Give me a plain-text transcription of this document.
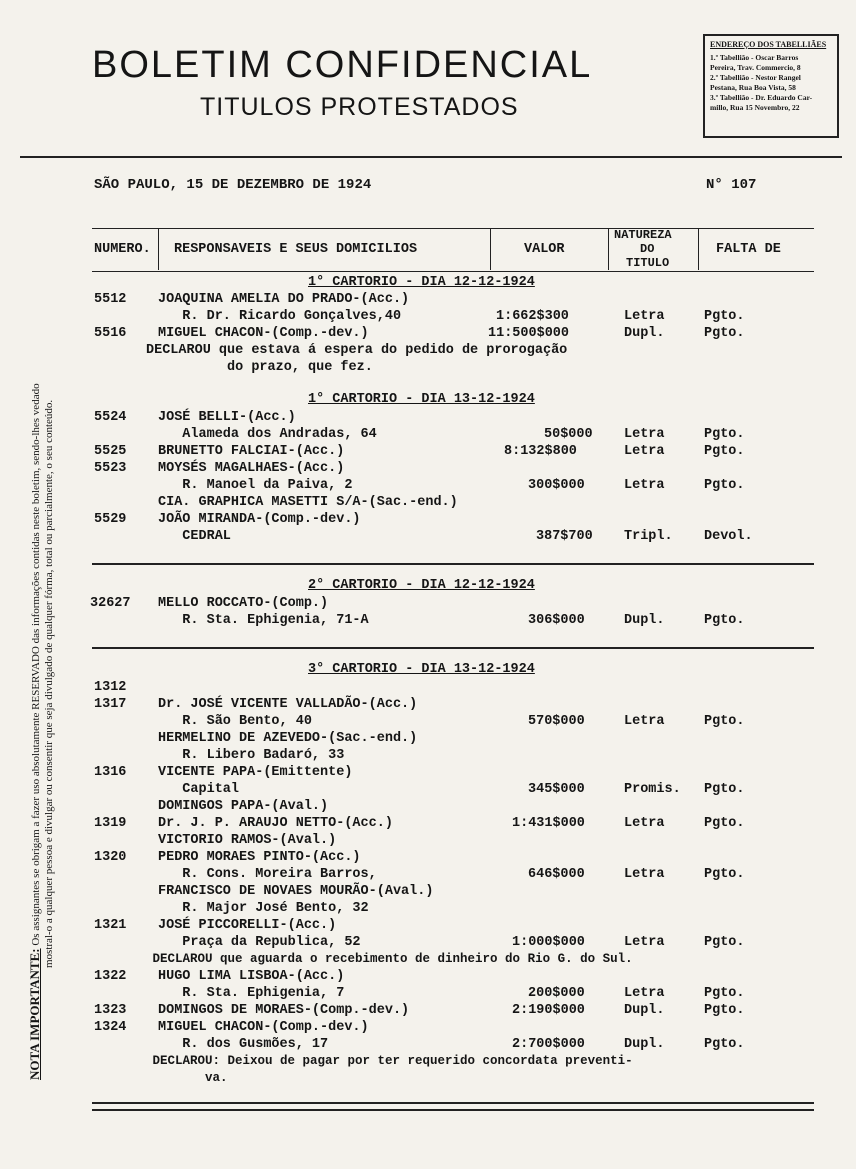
BOLETIM CONFIDENCIAL
TITULOS PROTESTADOS
ENDEREÇO DOS TABELLIÃES
1.º Tabellião - Oscar Barros
Pereira, Trav. Commercio, 8
2.º Tabellião - Nestor Rangel
Pestana, Rua Boa Vista, 58
3.º Tabellião - Dr. Eduardo Car-
millo, Rua 15 Novembro, 22
SÃO PAULO, 15 DE DEZEMBRO DE 1924	N° 107
NUMERO. RESPONSAVEIS E SEUS DOMICILIOS	VALOR
NATUREZA
DO
TITULO
FALTA DE
1° CARTORIO - DIA 12-12-1924
5512 JOAQUINA AMELIA DO PRADO-(Acc.)
R. Dr. Ricardo Gonçalves,40	1:662$300	Letra	Pgto.
5516 MIGUEL CHACON-(Comp.-dev.)	11:500$000	Dupl.	Pgto.
DECLAROU que estava á espera do pedido de prorogação
do prazo, que fez.
1° CARTORIO - DIA 13-12-1924
5524 JOSÉ BELLI-(Acc.)
Alameda dos Andradas, 64	50$000 Letra	Pgto.
5525 BRUNETTO FALCIAI-(Acc.)	8:132$800	Letra	Pgto.
5523 MOYSÉS MAGALHAES-(Acc.)
R. Manoel da Paiva, 2	300$000	Letra	Pgto.
CIA. GRAPHICA MASETTI S/A-(Sac.-end.)
5529 JOÃO MIRANDA-(Comp.-dev.)
CEDRAL	387$700 Tripl. Devol.
2° CARTORIO - DIA 12-12-1924
32627 MELLO ROCCATO-(Comp.)
R. Sta. Ephigenia, 71-A	306$000	Dupl.	Pgto.
3° CARTORIO - DIA 13-12-1924
1312
1317 Dr. JOSÉ VICENTE VALLADÃO-(Acc.)
R. São Bento, 40	570$000	Letra	Pgto.
HERMELINO DE AZEVEDO-(Sac.-end.)
R. Libero Badaró, 33
1316 VICENTE PAPA-(Emittente)
Capital	345$000	Promis. Pgto.
DOMINGOS PAPA-(Aval.)
1319 Dr. J. P. ARAUJO NETTO-(Acc.)	1:431$000	Letra	Pgto.
VICTORIO RAMOS-(Aval.)
1320 PEDRO MORAES PINTO-(Acc.)
R. Cons. Moreira Barros,	646$000	Letra	Pgto.
FRANCISCO DE NOVAES MOURÃO-(Aval.)
R. Major José Bento, 32
1321 JOSÉ PICCORELLI-(Acc.)
Praça da Republica, 52	1:000$000	Letra	Pgto.
DECLAROU que aguarda o recebimento de dinheiro do Rio G. do Sul.
1322 HUGO LIMA LISBOA-(Acc.)
R. Sta. Ephigenia, 7	200$000	Letra	Pgto.
1323 DOMINGOS DE MORAES-(Comp.-dev.)	2:190$000	Dupl.	Pgto.
1324 MIGUEL CHACON-(Comp.-dev.)
R. dos Gusmões, 17	2:700$000	Dupl.	Pgto.
DECLAROU: Deixou de pagar por ter requerido concordata preventi-
va.
NOTA IMPORTANTE: Os assignantes se obrigam a fazer uso absolutamente RESERVADO das informações contidas neste boletim, sendo-lhes vedado
mostral-o a qualquer pessoa e divulgar ou consentir que seja divulgado de qualquer fórma, total ou parcialmente, o seu conteúdo.
